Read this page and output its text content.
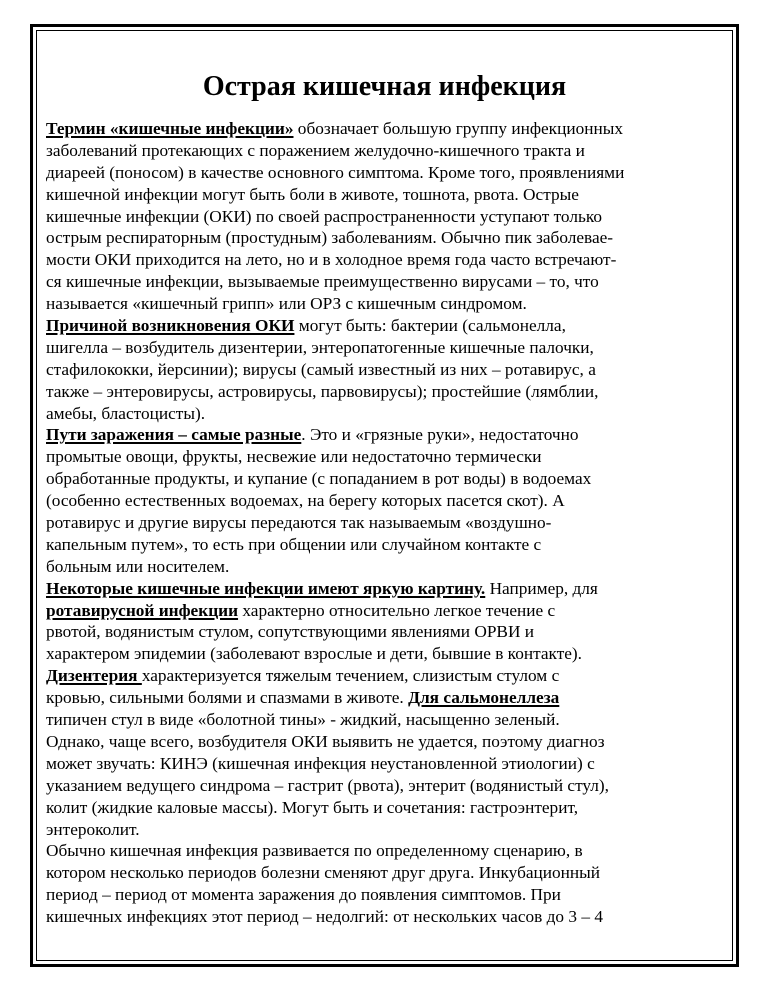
Острая кишечная инфекция
Термин «кишечные инфекции» обозначает большую группу инфекционных
заболеваний протекающих с поражением желудочно-кишечного тракта и
диареей (поносом) в качестве основного симптома. Кроме того, проявлениями
кишечной инфекции могут быть боли в животе, тошнота, рвота. Острые
кишечные инфекции (ОКИ) по своей распространенности уступают только
острым респираторным (простудным) заболеваниям. Обычно пик заболевае-
мости ОКИ приходится на лето, но и в холодное время года часто встречают-
ся кишечные инфекции, вызываемые преимущественно вирусами – то, что
называется «кишечный грипп» или ОРЗ с кишечным синдромом.
Причиной возникновения ОКИ могут быть: бактерии (сальмонелла,
шигелла – возбудитель дизентерии, энтеропатогенные кишечные палочки,
стафилококки, йерсинии); вирусы (самый известный из них – ротавирус, а
также – энтеровирусы, астровирусы, парвовирусы); простейшие (лямблии,
амебы, бластоцисты).
Пути заражения – самые разные. Это и «грязные руки», недостаточно
промытые овощи, фрукты, несвежие или недостаточно термически
обработанные продукты, и купание (с попаданием в рот воды) в водоемах
(особенно естественных водоемах, на берегу которых пасется скот). А
ротавирус и другие вирусы передаются так называемым «воздушно-
капельным путем», то есть при общении или случайном контакте с
больным или носителем.
Некоторые кишечные инфекции имеют яркую картину. Например, для
ротавирусной инфекции характерно относительно легкое течение с
рвотой, водянистым стулом, сопутствующими явлениями ОРВИ и
характером эпидемии (заболевают взрослые и дети, бывшие в контакте).
Дизентерия характеризуется тяжелым течением, слизистым стулом с
кровью, сильными болями и спазмами в животе. Для сальмонеллеза
типичен стул в виде «болотной тины» - жидкий, насыщенно зеленый.
Однако, чаще всего, возбудителя ОКИ выявить не удается, поэтому диагноз
может звучать: КИНЭ (кишечная инфекция неустановленной этиологии) с
указанием ведущего синдрома – гастрит (рвота), энтерит (водянистый стул),
колит (жидкие каловые массы). Могут быть и сочетания: гастроэнтерит,
энтероколит.
Обычно кишечная инфекция развивается по определенному сценарию, в
котором несколько периодов болезни сменяют друг друга. Инкубационный
период – период от момента заражения до появления симптомов. При
кишечных инфекциях этот период – недолгий: от нескольких часов до 3 – 4
